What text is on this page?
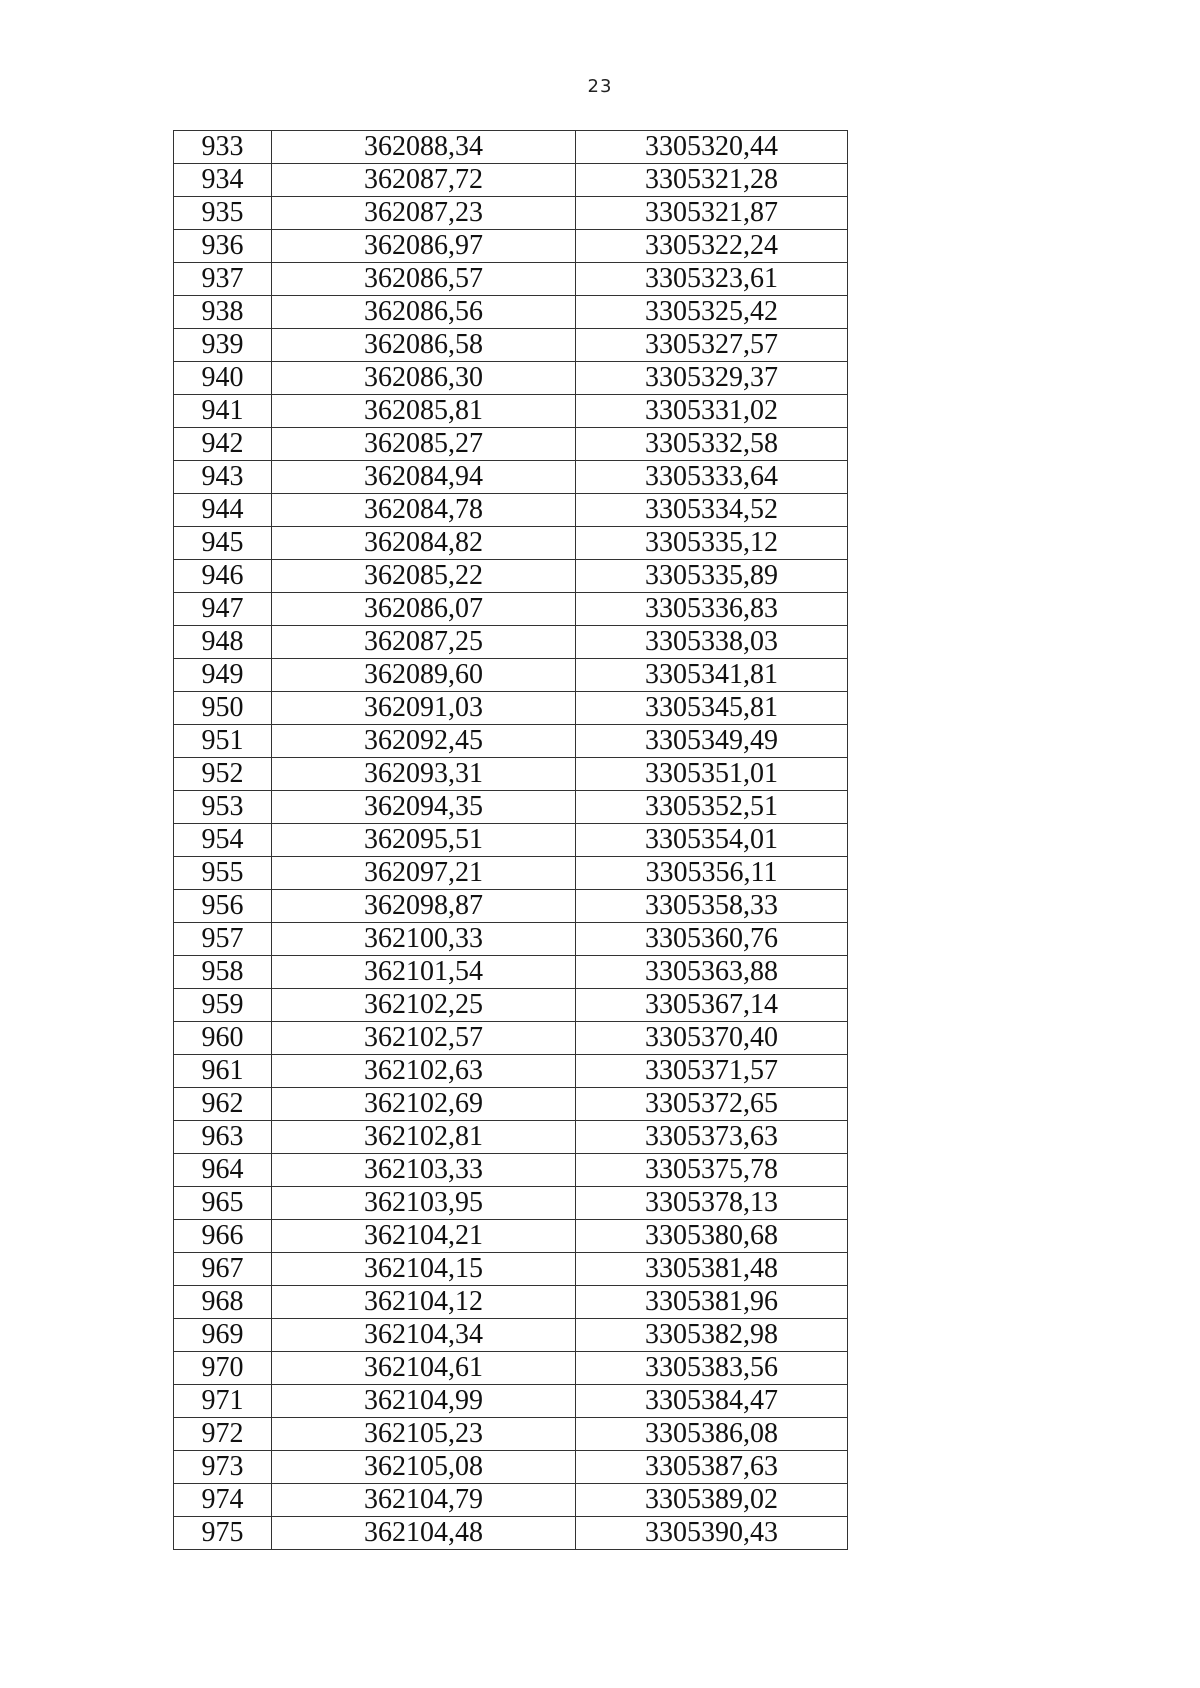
23
933	362088,34	3305320,44
934	362087,72	3305321,28
935	362087,23	3305321,87
936	362086,97	3305322,24
937	362086,57	3305323,61
938	362086,56	3305325,42
939	362086,58	3305327,57
940	362086,30	3305329,37
941	362085,81	3305331,02
942	362085,27	3305332,58
943	362084,94	3305333,64
944	362084,78	3305334,52
945	362084,82	3305335,12
946	362085,22	3305335,89
947	362086,07	3305336,83
948	362087,25	3305338,03
949	362089,60	3305341,81
950	362091,03	3305345,81
951	362092,45	3305349,49
952	362093,31	3305351,01
953	362094,35	3305352,51
954	362095,51	3305354,01
955	362097,21	3305356,11
956	362098,87	3305358,33
957	362100,33	3305360,76
958	362101,54	3305363,88
959	362102,25	3305367,14
960	362102,57	3305370,40
961	362102,63	3305371,57
962	362102,69	3305372,65
963	362102,81	3305373,63
964	362103,33	3305375,78
965	362103,95	3305378,13
966	362104,21	3305380,68
967	362104,15	3305381,48
968	362104,12	3305381,96
969	362104,34	3305382,98
970	362104,61	3305383,56
971	362104,99	3305384,47
972	362105,23	3305386,08
973	362105,08	3305387,63
974	362104,79	3305389,02
975	362104,48	3305390,43
